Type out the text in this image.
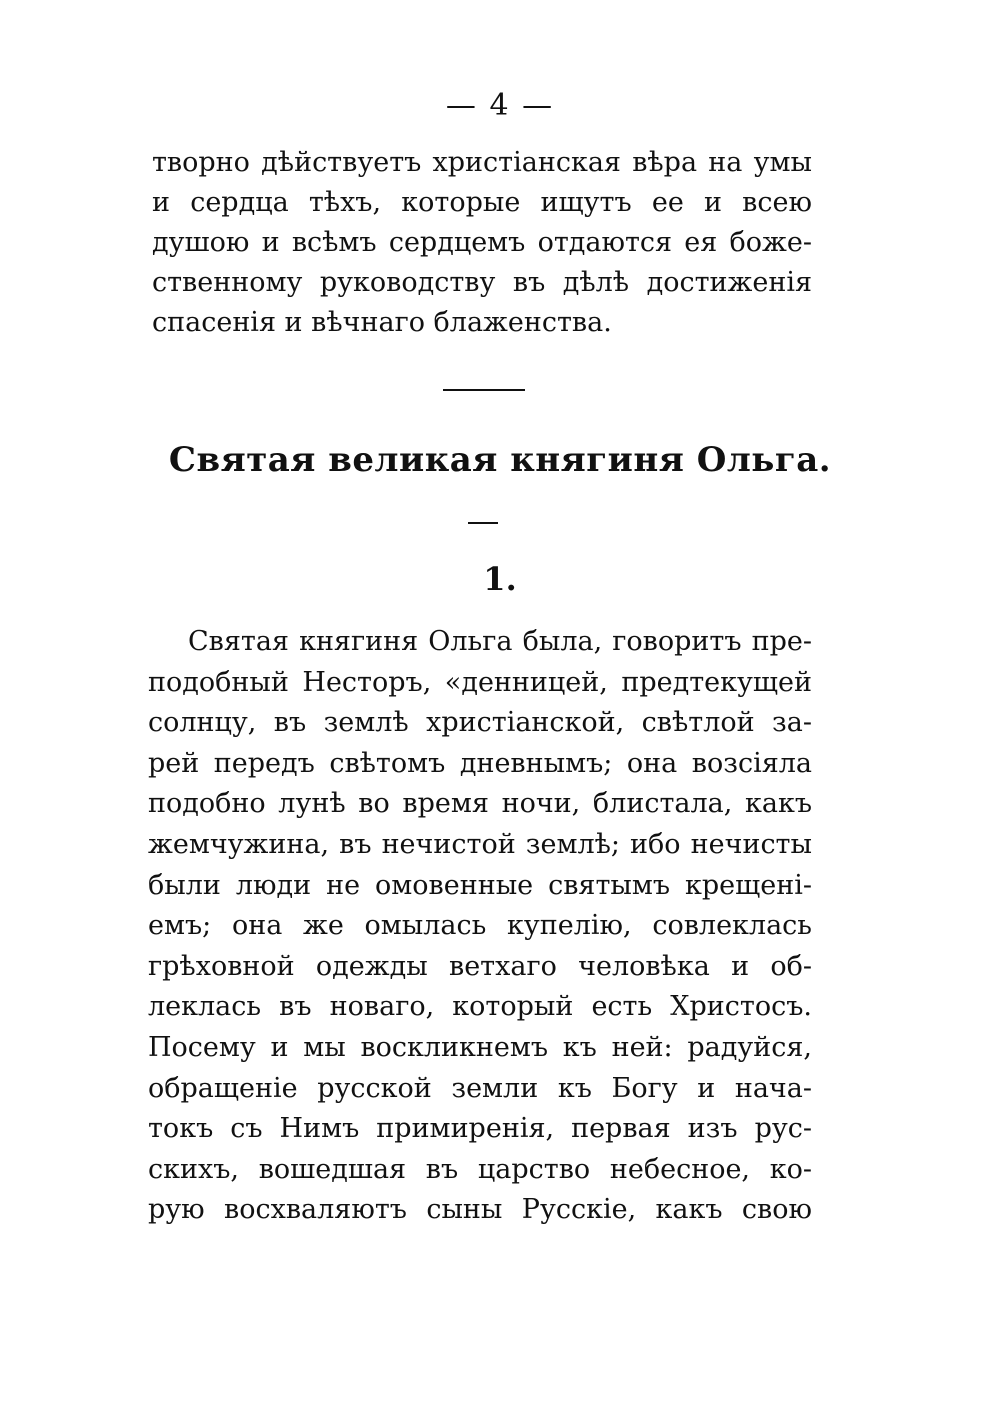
— 4 —
творно дѣйствуетъ христіанская вѣра на умы
и сердца тѣхъ, которые ищутъ ее и всею
душою и всѣмъ сердцемъ отдаются ея боже-
ственному руководству въ дѣлѣ достиженія
спасенія и вѣчнаго блаженства.
Святая великая княгиня Ольга.
1.
Святая княгиня Ольга была, говоритъ пре-
подобный Несторъ, «денницей, предтекущей
солнцу, въ землѣ христіанской, свѣтлой за-
рей передъ свѣтомъ дневнымъ; она возсіяла
подобно лунѣ во время ночи, блистала, какъ
жемчужина, въ нечистой землѣ; ибо нечисты
были люди не омовенные святымъ крещені-
емъ; она же омылась купелію, совлеклась
грѣховной одежды ветхаго человѣка и об-
леклась въ новаго, который есть Христосъ.
Посему и мы воскликнемъ къ ней: радуйся,
обращеніе русской земли къ Богу и нача-
токъ съ Нимъ примиренія, первая изъ рус-
скихъ, вошедшая въ царство небесное, ко-
рую восхваляютъ сыны Русскіе, какъ свою
